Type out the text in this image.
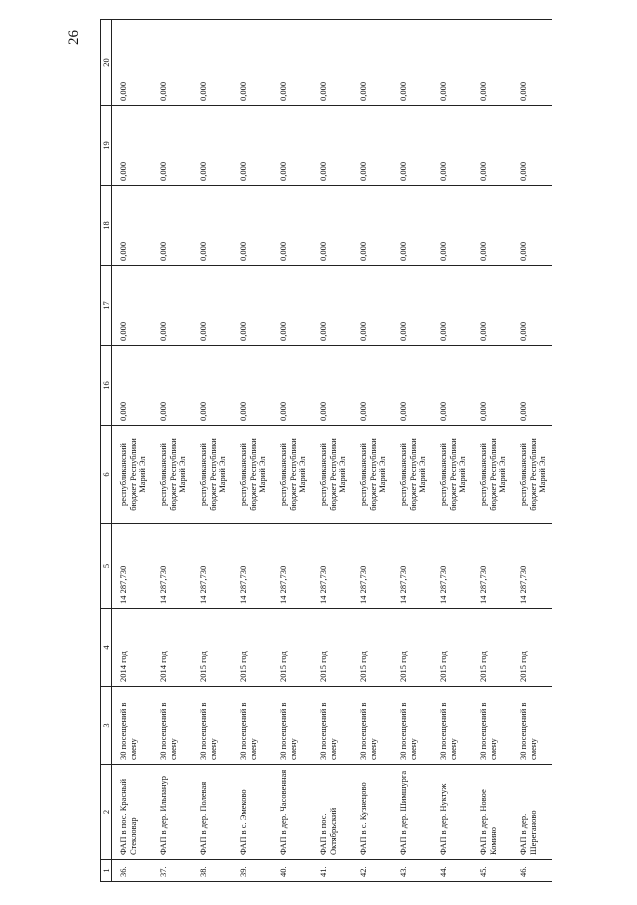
26
1	2	3	4	5	6	16	17	18	19	20
36.	ФАП в пос. Красный Стекловар	30 посещений в смену	2014 год	14 287,730	республиканский бюджет Республики Марий Эл	0,000	0,000	0,000	0,000	0,000
37.	ФАП в дер. Ильпанур	30 посещений в смену	2014 год	14 287,730	республиканский бюджет Республики Марий Эл	0,000	0,000	0,000	0,000	0,000
38.	ФАП в дер. Полевая	30 посещений в смену	2015 год	14 287,730	республиканский бюджет Республики Марий Эл	0,000	0,000	0,000	0,000	0,000
39.	ФАП в с. Эмеково	30 посещений в смену	2015 год	14 287,730	республиканский бюджет Республики Марий Эл	0,000	0,000	0,000	0,000	0,000
40.	ФАП в дер. Часовенная	30 посещений в смену	2015 год	14 287,730	республиканский бюджет Республики Марий Эл	0,000	0,000	0,000	0,000	0,000
41.	ФАП в пос. Октябрьский	30 посещений в смену	2015 год	14 287,730	республиканский бюджет Республики Марий Эл	0,000	0,000	0,000	0,000	0,000
42.	ФАП в с. Кузнецово	30 посещений в смену	2015 год	14 287,730	республиканский бюджет Республики Марий Эл	0,000	0,000	0,000	0,000	0,000
43.	ФАП в дер. Шимшурга	30 посещений в смену	2015 год	14 287,730	республиканский бюджет Республики Марий Эл	0,000	0,000	0,000	0,000	0,000
44.	ФАП в дер. Нуктуж	30 посещений в смену	2015 год	14 287,730	республиканский бюджет Республики Марий Эл	0,000	0,000	0,000	0,000	0,000
45.	ФАП в дер. Новое Комино	30 посещений в смену	2015 год	14 287,730	республиканский бюджет Республики Марий Эл	0,000	0,000	0,000	0,000	0,000
46.	ФАП в дер. Шереганово	30 посещений в смену	2015 год	14 287,730	республиканский бюджет Республики Марий Эл	0,000	0,000	0,000	0,000	0,000
